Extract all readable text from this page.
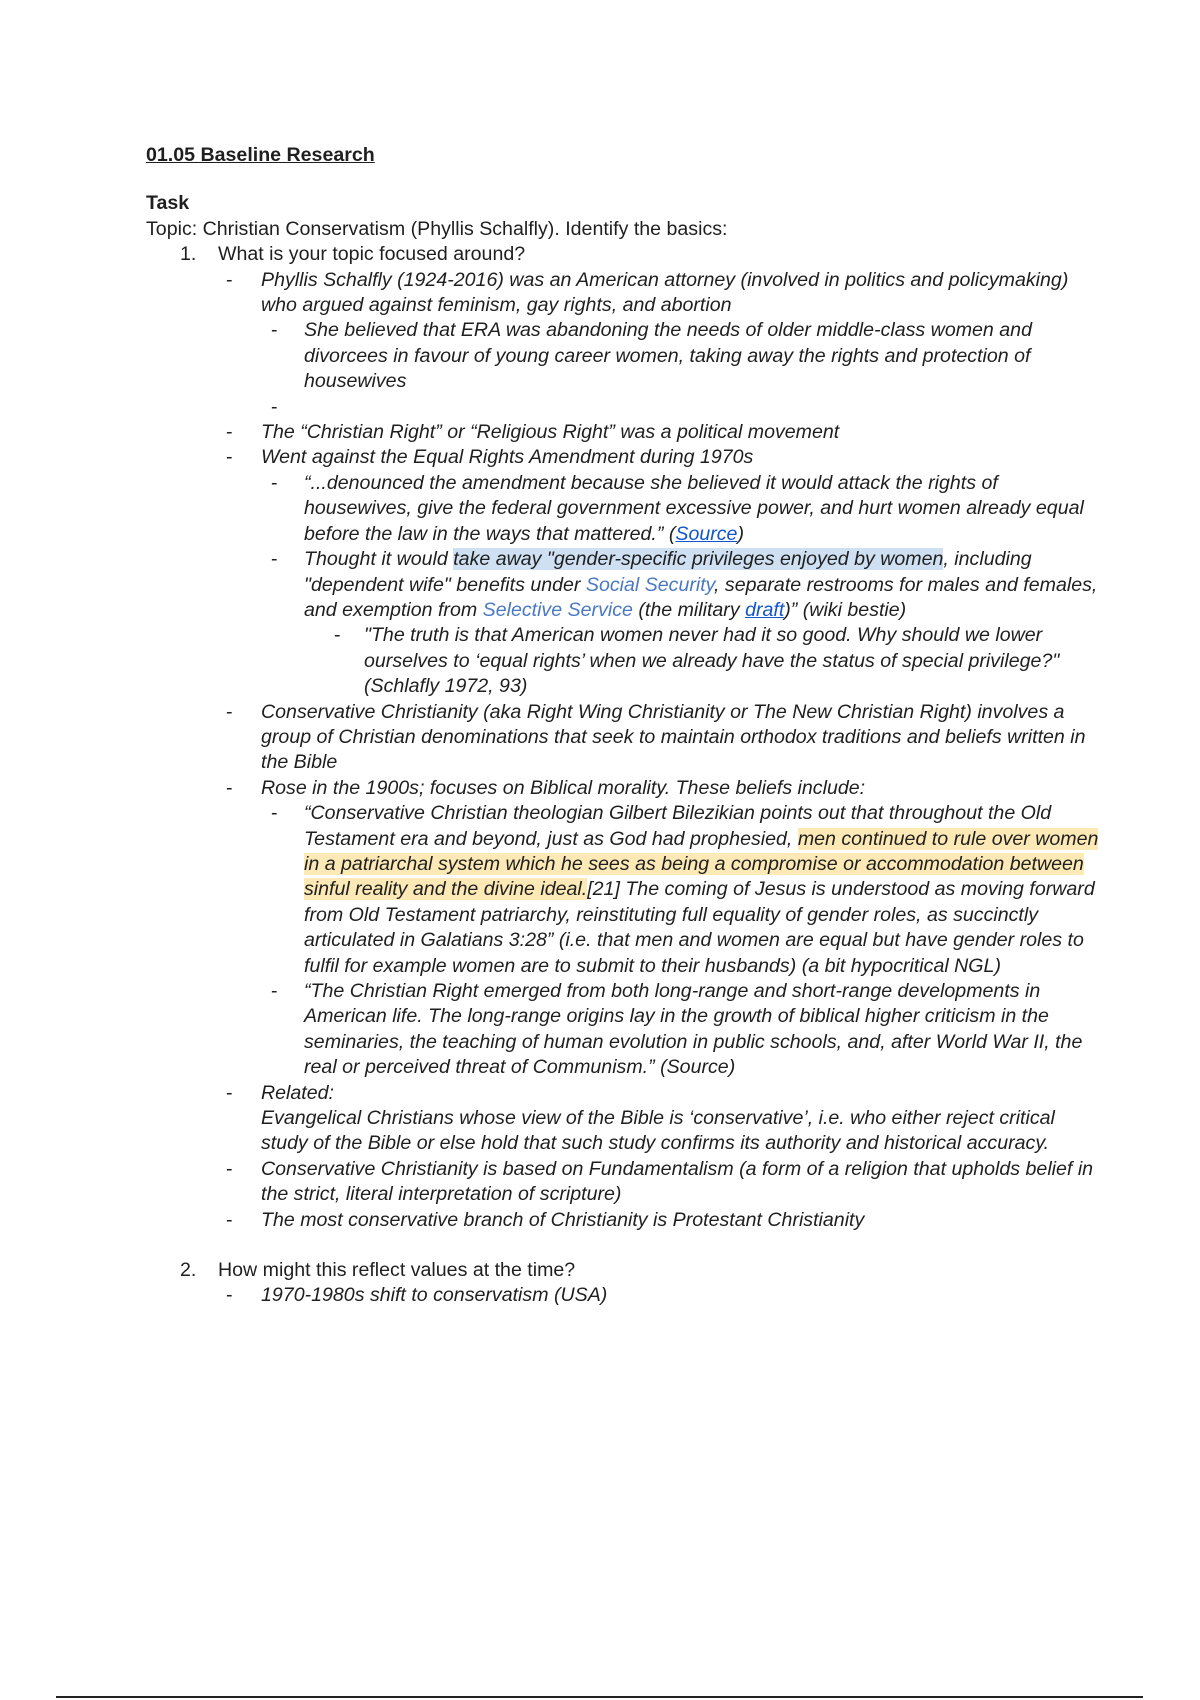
01.05 Baseline Research
Task
Topic: Christian Conservatism (Phyllis Schalfly). Identify the basics:
1. What is your topic focused around?
- Phyllis Schalfly (1924-2016) was an American attorney (involved in politics and policymaking) who argued against feminism, gay rights, and abortion
- She believed that ERA was abandoning the needs of older middle-class women and divorcees in favour of young career women, taking away the rights and protection of housewives
-

- The “Christian Right” or “Religious Right” was a political movement
- Went against the Equal Rights Amendment during 1970s
- “...denounced the amendment because she believed it would attack the rights of housewives, give the federal government excessive power, and hurt women already equal before the law in the ways that mattered.” (Source)
- Thought it would take away "gender-specific privileges enjoyed by women, including "dependent wife" benefits under Social Security, separate restrooms for males and females, and exemption from Selective Service (the military draft)” (wiki bestie)
- "The truth is that American women never had it so good. Why should we lower ourselves to ‘equal rights’ when we already have the status of special privilege?" (Schlafly 1972, 93)
- Conservative Christianity (aka Right Wing Christianity or The New Christian Right) involves a group of Christian denominations that seek to maintain orthodox traditions and beliefs written in the Bible
- Rose in the 1900s; focuses on Biblical morality. These beliefs include:
- “Conservative Christian theologian Gilbert Bilezikian points out that throughout the Old Testament era and beyond, just as God had prophesied, men continued to rule over women in a patriarchal system which he sees as being a compromise or accommodation between sinful reality and the divine ideal.[21] The coming of Jesus is understood as moving forward from Old Testament patriarchy, reinstituting full equality of gender roles, as succinctly articulated in Galatians 3:28” (i.e. that men and women are equal but have gender roles to fulfil for example women are to submit to their husbands) (a bit hypocritical NGL)
- “The Christian Right emerged from both long-range and short-range developments in American life. The long-range origins lay in the growth of biblical higher criticism in the seminaries, the teaching of human evolution in public schools, and, after World War II, the real or perceived threat of Communism.” (Source)
- Related:
Evangelical Christians whose view of the Bible is ‘conservative’, i.e. who either reject critical study of the Bible or else hold that such study confirms its authority and historical accuracy.
- Conservative Christianity is based on Fundamentalism (a form of a religion that upholds belief in the strict, literal interpretation of scripture)
- The most conservative branch of Christianity is Protestant Christianity
2. How might this reflect values at the time?
- 1970-1980s shift to conservatism (USA)
